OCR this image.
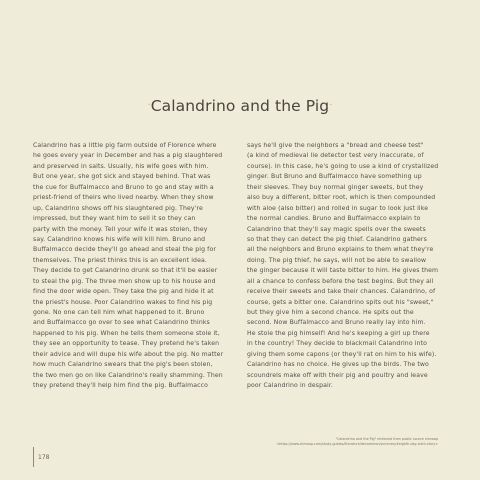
·Calandrino and the Pig·
Calandrino has a little pig farm outside of Florence where
he goes every year in December and has a pig slaughtered
and preserved in salts. Usually, his wife goes with him.
But one year, she got sick and stayed behind. That was
the cue for Buffalmacco and Bruno to go and stay with a
priest-friend of theirs who lived nearby. When they show
up, Calandrino shows off his slaughtered pig. They're
impressed, but they want him to sell it so they can
party with the money. Tell your wife it was stolen, they
say. Calandrino knows his wife will kill him. Bruno and
Buffalmacco decide they'll go ahead and steal the pig for
themselves. The priest thinks this is an excellent idea.
They decide to get Calandrino drunk so that it'll be easier
to steal the pig. The three men show up to his house and
find the door wide open. They take the pig and hide it at
the priest's house. Poor Calandrino wakes to find his pig
gone. No one can tell him what happened to it. Bruno
and Buffalmacco go over to see what Calandrino thinks
happened to his pig. When he tells them someone stole it,
they see an opportunity to tease. They pretend he's taken
their advice and will dupe his wife about the pig. No matter
how much Calandrino swears that the pig's been stolen,
the two men go on like Calandrino's really shamming. Then
they pretend they'll help him find the pig. Buffalmacco
says he'll give the neighbors a "bread and cheese test"
(a kind of medieval lie detector test very inaccurate, of
course). In this case, he's going to use a kind of crystallized
ginger. But Bruno and Buffalmacco have something up
their sleeves. They buy normal ginger sweets, but they
also buy a different, bitter root, which is then compounded
with aloe (also bitter) and rolled in sugar to look just like
the normal candies. Bruno and Buffalmacco explain to
Calandrino that they'll say magic spells over the sweets
so that they can detect the pig thief. Calandrino gathers
all the neighbors and Bruno explains to them what they're
doing. The pig thief, he says, will not be able to swallow
the ginger because it will taste bitter to him. He gives them
all a chance to confess before the test begins. But they all
receive their sweets and take their chances. Calandrino, of
course, gets a bitter one. Calandrino spits out his "sweet,"
but they give him a second chance. He spits out the
second. Now Buffalmacco and Bruno really lay into him.
He stole the pig himself! And he's keeping a girl up there
in the country! They decide to blackmail Calandrino into
giving them some capons (or they'll rat on him to his wife).
Calandrino has no choice. He gives up the birds. The two
scoundrels make off with their pig and poultry and leave
poor Calandrino in despair.
"Calandrino and the Pig" retrieved from public source shmoop
<https://www.shmoop.com/study-guides/literature/decameron/summary#eighth-day-sixth-story>
178
